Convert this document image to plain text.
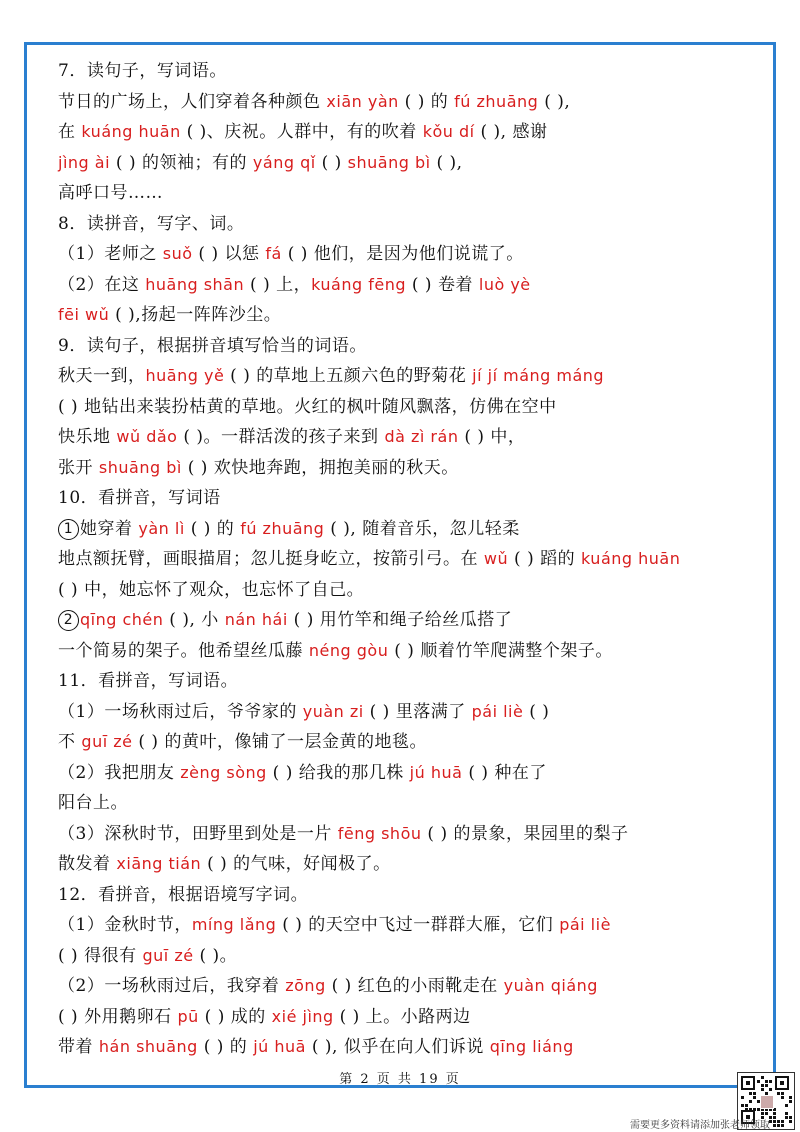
7．读句子，写词语。
节日的广场上，人们穿着各种颜色 xiān yàn ( ) 的 fú zhuāng ( ),
在 kuáng huān ( )、庆祝。人群中，有的吹着 kǒu dí ( ), 感谢
jìng ài ( ) 的领袖；有的 yáng qǐ ( ) shuāng bì ( ),
高呼口号……
8．读拼音，写字、词。
（1）老师之 suǒ ( ) 以惩 fá ( ) 他们，是因为他们说谎了。
（2）在这 huāng shān ( ) 上，kuáng fēng ( ) 卷着 luò yè
fēi wǔ ( ),扬起一阵阵沙尘。
9．读句子，根据拼音填写恰当的词语。
秋天一到，huāng yě ( ) 的草地上五颜六色的野菊花 jí jí máng máng
( ) 地钻出来装扮枯黄的草地。火红的枫叶随风飘落，仿佛在空中
快乐地 wǔ dǎo ( )。一群活泼的孩子来到 dà zì rán ( ) 中，
张开 shuāng bì ( ) 欢快地奔跑，拥抱美丽的秋天。
10．看拼音，写词语
1 她穿着 yàn lì ( ) 的 fú zhuāng ( ), 随着音乐，忽儿轻柔
地点额抚臂，画眼描眉；忽儿挺身屹立，按箭引弓。在 wǔ ( ) 蹈的 kuáng huān
( ) 中，她忘怀了观众，也忘怀了自己。
2 qīng chén ( ), 小 nán hái ( ) 用竹竿和绳子给丝瓜搭了
一个简易的架子。他希望丝瓜藤 néng gòu ( ) 顺着竹竿爬满整个架子。
11．看拼音，写词语。
（1）一场秋雨过后，爷爷家的 yuàn zi ( ) 里落满了 pái liè ( )
不 guī zé ( ) 的黄叶，像铺了一层金黄的地毯。
（2）我把朋友 zèng sòng ( ) 给我的那几株 jú huā ( ) 种在了
阳台上。
（3）深秋时节，田野里到处是一片 fēng shōu ( ) 的景象，果园里的梨子
散发着 xiāng tián ( ) 的气味，好闻极了。
12．看拼音，根据语境写字词。
（1）金秋时节，míng lǎng ( ) 的天空中飞过一群群大雁，它们 pái liè
( ) 得很有 guī zé ( )。
（2）一场秋雨过后，我穿着 zōng ( ) 红色的小雨靴走在 yuàn qiáng
( ) 外用鹅卵石 pū ( ) 成的 xié jìng ( ) 上。小路两边
带着 hán shuāng ( ) 的 jú huā ( ), 似乎在向人们诉说 qīng liáng
第 2 页 共 19 页
需要更多资料请添加张老师领取
